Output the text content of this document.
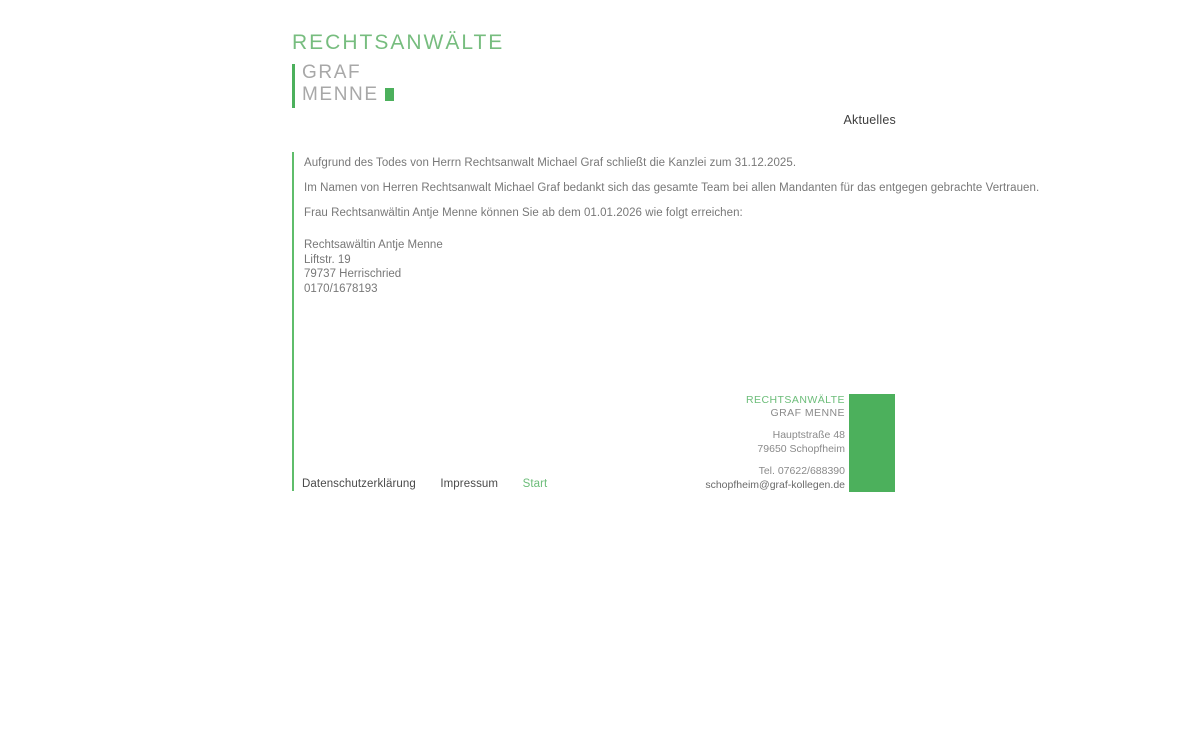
RECHTSANWÄLTE
GRAF
MENNE
Aktuelles

Aufgrund des Todes von Herrn Rechtsanwalt Michael Graf schließt die Kanzlei zum 31.12.2025.

Im Namen von Herren Rechtsanwalt Michael Graf bedankt sich das gesamte Team bei allen Mandanten für das entgegen gebrachte Vertrauen.

Frau Rechtsanwältin Antje Menne können Sie ab dem 01.01.2026 wie folgt erreichen:

Rechtsawältin Antje Menne
Liftstr. 19
79737 Herrischried
0170/1678193
RECHTSANWÄLTE
GRAF MENNE
Hauptstraße 48
79650 Schopfheim
Tel. 07622/688390
schopfheim@graf-kollegen.de
Datenschutzerklärung Impressum Start
